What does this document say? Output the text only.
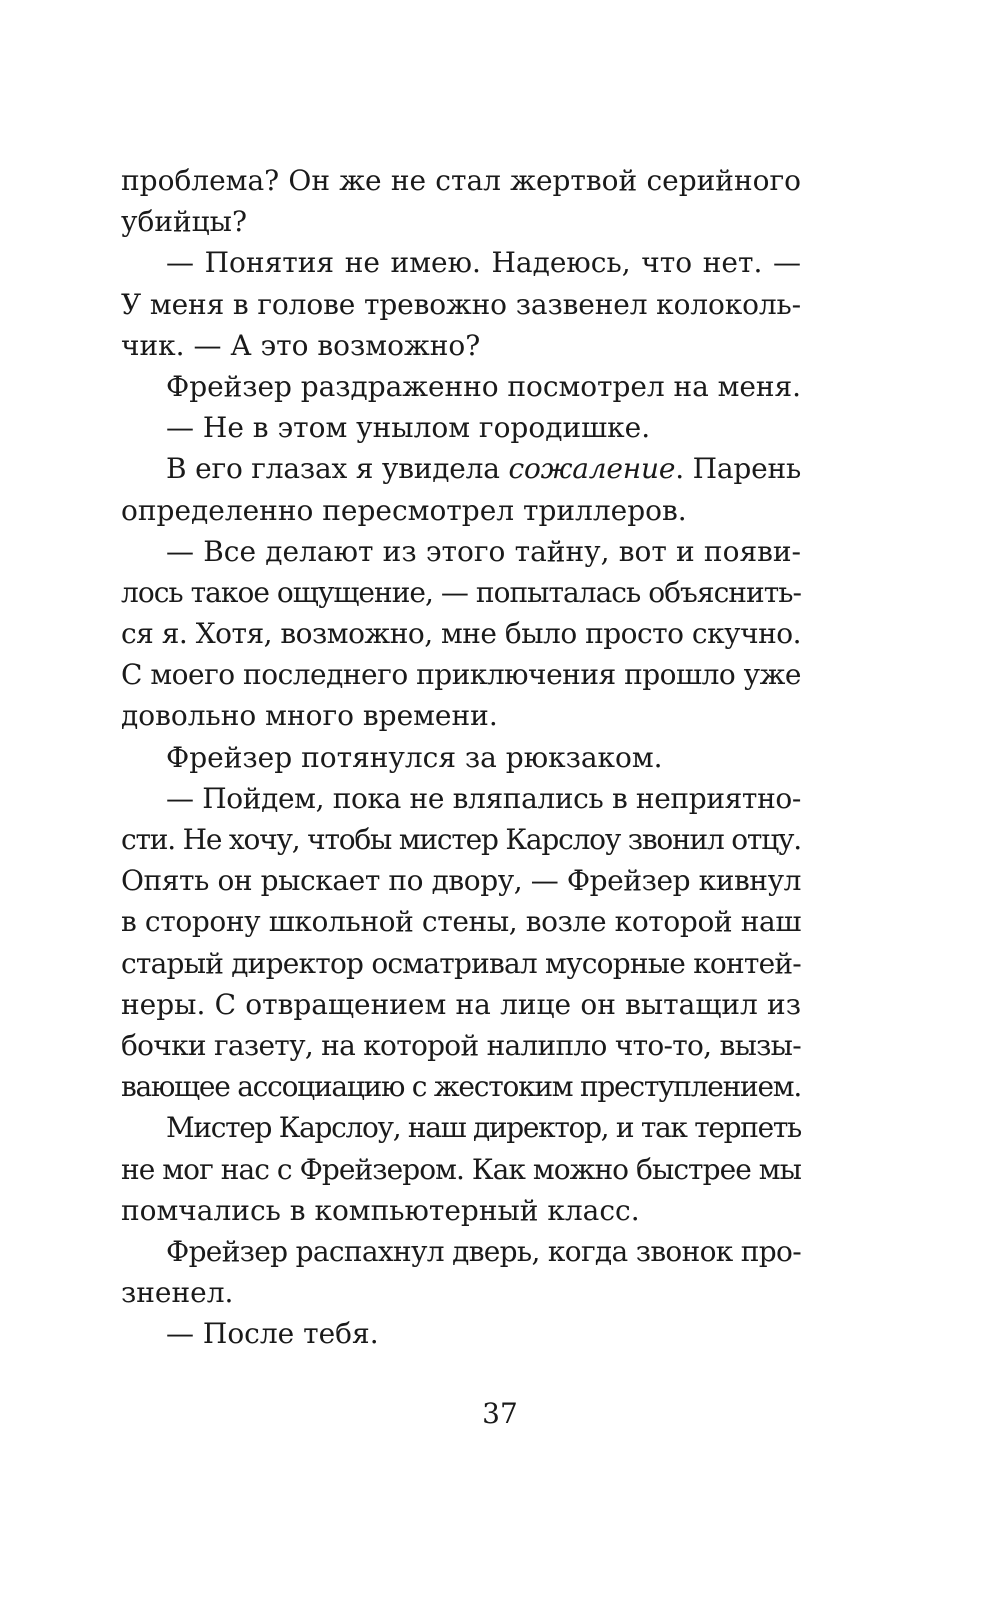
проблема? Он же не стал жертвой серийного
убийцы?
— Понятия не имею. Надеюсь, что нет. —
У меня в голове тревожно зазвенел колоколь-
чик. — А это возможно?
Фрейзер раздраженно посмотрел на меня.
— Не в этом унылом городишке.
В его глазах я увидела сожаление. Парень
определенно пересмотрел триллеров.
— Все делают из этого тайну, вот и появи-
лось такое ощущение, — попыталась объяснить-
ся я. Хотя, возможно, мне было просто скучно.
С моего последнего приключения прошло уже
довольно много времени.
Фрейзер потянулся за рюкзаком.
— Пойдем, пока не вляпались в неприятно-
сти. Не хочу, чтобы мистер Карслоу звонил отцу.
Опять он рыскает по двору, — Фрейзер кивнул
в сторону школьной стены, возле которой наш
старый директор осматривал мусорные контей-
неры. С отвращением на лице он вытащил из
бочки газету, на которой налипло что-то, вызы-
вающее ассоциацию с жестоким преступлением.
Мистер Карслоу, наш директор, и так терпеть
не мог нас с Фрейзером. Как можно быстрее мы
помчались в компьютерный класс.
Фрейзер распахнул дверь, когда звонок про-
зненел.
— После тебя.
37
